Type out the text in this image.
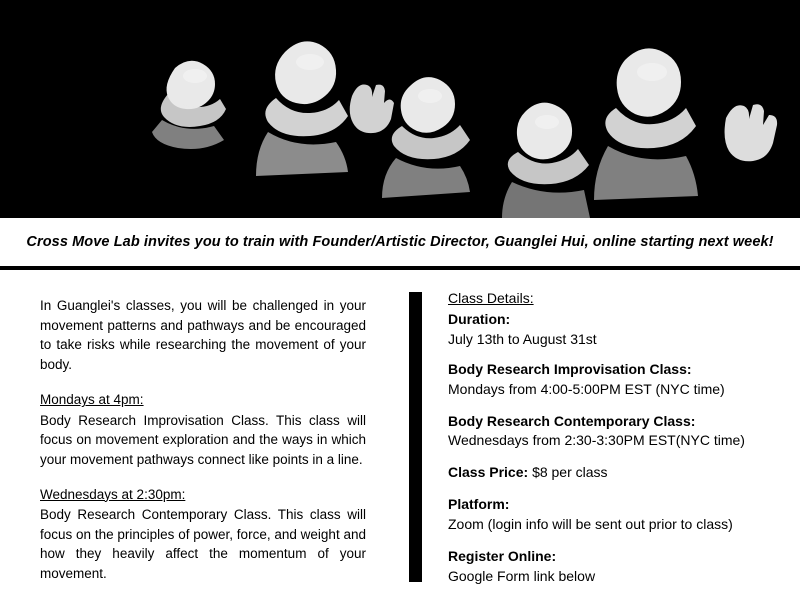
Cross Move Lab invites you to train with Founder/Artistic Director, Guanglei Hui, online starting next week!

In Guanglei's classes, you will be challenged in your movement patterns and pathways and be encouraged to take risks while researching the movement of your body.

Mondays at 4pm:

Body Research Improvisation Class. This class will focus on movement exploration and the ways in which your movement pathways connect like points in a line.

Wednesdays at 2:30pm:

Body Research Contemporary Class. This class will focus on the principles of power, force, and weight and how they heavily affect the momentum of your movement.

Class Details:

Duration:

July 13th to August 31st

Body Research Improvisation Class:

Mondays from 4:00-5:00PM EST (NYC time)

Body Research Contemporary Class:

Wednesdays from 2:30-3:30PM EST(NYC time)

Class Price: $8 per class

Platform:

Zoom (login info will be sent out prior to class)

Register Online:

Google Form link below
